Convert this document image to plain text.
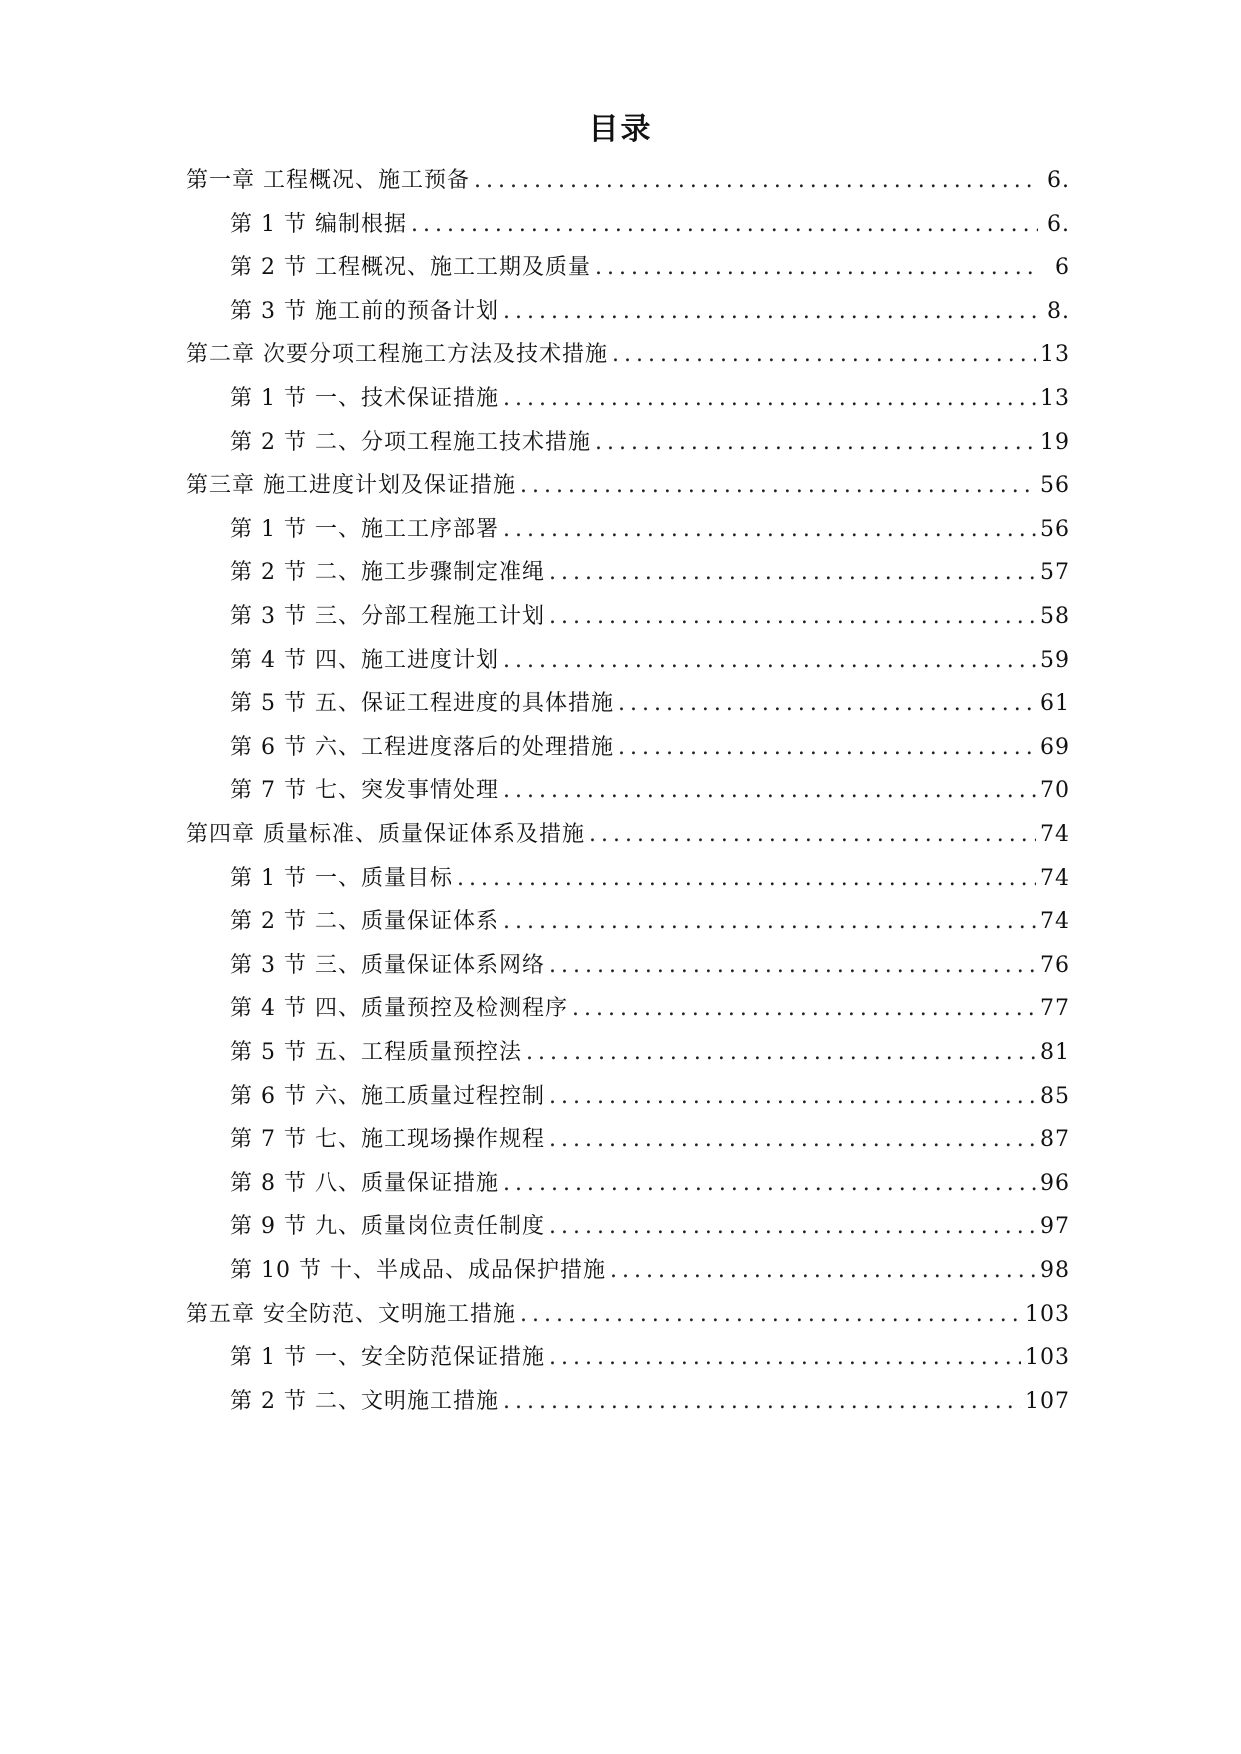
目录
第一章 工程概况、施工预备 .....	6.
第 1 节 编制根据 .....	6.
第 2 节 工程概况、施工工期及质量 .....	6
第 3 节 施工前的预备计划 .....	8.
第二章 次要分项工程施工方法及技术措施 .....	13
第 1 节 一、技术保证措施 .....	13
第 2 节 二、分项工程施工技术措施 .....	19
第三章 施工进度计划及保证措施 .....	56
第 1 节 一、施工工序部署 .....	56
第 2 节 二、施工步骤制定准绳 .....	57
第 3 节 三、分部工程施工计划 .....	58
第 4 节 四、施工进度计划 .....	59
第 5 节 五、保证工程进度的具体措施 .....	61
第 6 节 六、工程进度落后的处理措施 .....	69
第 7 节 七、突发事情处理 .....	70
第四章 质量标准、质量保证体系及措施 .....	74
第 1 节 一、质量目标 .....	74
第 2 节 二、质量保证体系 .....	74
第 3 节 三、质量保证体系网络 .....	76
第 4 节 四、质量预控及检测程序 .....	77
第 5 节 五、工程质量预控法 .....	81
第 6 节 六、施工质量过程控制 .....	85
第 7 节 七、施工现场操作规程 .....	87
第 8 节 八、质量保证措施 .....	96
第 9 节 九、质量岗位责任制度 .....	97
第 10 节 十、半成品、成品保护措施 .....	98
第五章 安全防范、文明施工措施 .....	103
第 1 节 一、安全防范保证措施 .....	103
第 2 节 二、文明施工措施 .....	107
